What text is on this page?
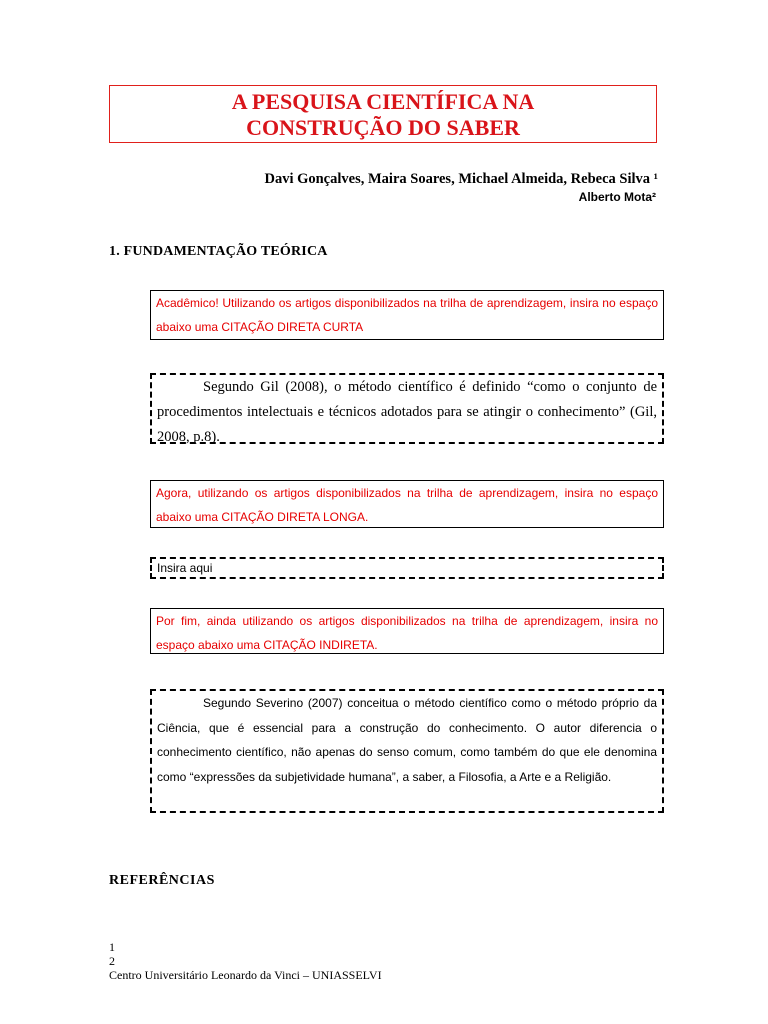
A PESQUISA CIENTÍFICA NA
CONSTRUÇÃO DO SABER
Davi Gonçalves, Maira Soares, Michael Almeida, Rebeca Silva ¹
Alberto Mota²
1. FUNDAMENTAÇÃO TEÓRICA
Acadêmico! Utilizando os artigos disponibilizados na trilha de aprendizagem, insira no espaço abaixo uma CITAÇÃO DIRETA CURTA
Segundo Gil (2008), o método científico é definido “como o conjunto de procedimentos intelectuais e técnicos adotados para se atingir o conhecimento” (Gil, 2008, p.8).
Agora, utilizando os artigos disponibilizados na trilha de aprendizagem, insira no espaço abaixo uma CITAÇÃO DIRETA LONGA.
Insira aqui
Por fim, ainda utilizando os artigos disponibilizados na trilha de aprendizagem, insira no espaço abaixo uma CITAÇÃO INDIRETA.
Segundo Severino (2007) conceitua o método científico como o método próprio da Ciência, que é essencial para a construção do conhecimento. O autor diferencia o conhecimento científico, não apenas do senso comum, como também do que ele denomina como “expressões da subjetividade humana”, a saber, a Filosofia, a Arte e a Religião.
REFERÊNCIAS
1
2
Centro Universitário Leonardo da Vinci – UNIASSELVI
